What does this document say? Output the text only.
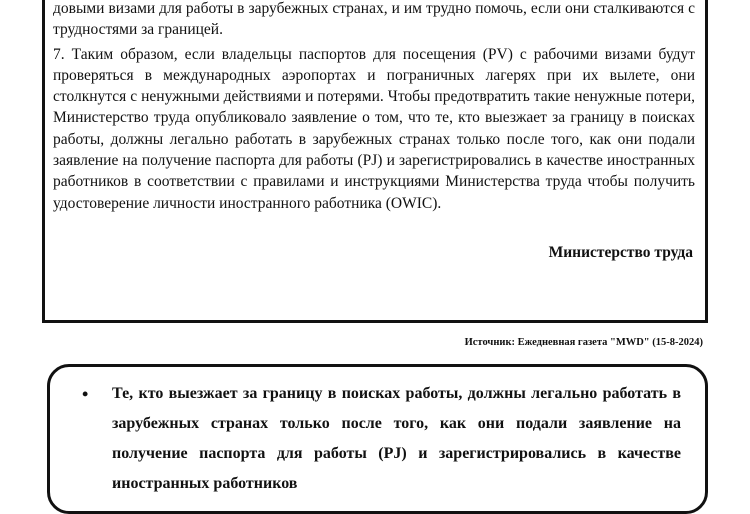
довыми визами для работы в зарубежных странах, и им трудно помочь, если они сталкиваются с трудностями за границей.

7. Таким образом, если владельцы паспортов для посещения (PV) с рабочими визами будут проверяться в международных аэропортах и пограничных лагерях при их вылете, они столкнутся с ненужными действиями и потерями. Чтобы предотвратить такие ненужные потери, Министерство труда опубликовало заявление о том, что те, кто выезжает за границу в поисках работы, должны легально работать в зарубежных странах только после того, как они подали заявление на получение паспорта для работы (PJ) и зарегистрировались в качестве иностранных работников в соответствии с правилами и инструкциями Министерства труда чтобы получить удостоверение личности иностранного работника (OWIC).

Министерство труда
Источник: Ежедневная газета "MWD" (15-8-2024)
• Те, кто выезжает за границу в поисках работы, должны легально работать в зарубежных странах только после того, как они подали заявление на получение паспорта для работы (PJ) и зарегистрировались в качестве иностранных работников
